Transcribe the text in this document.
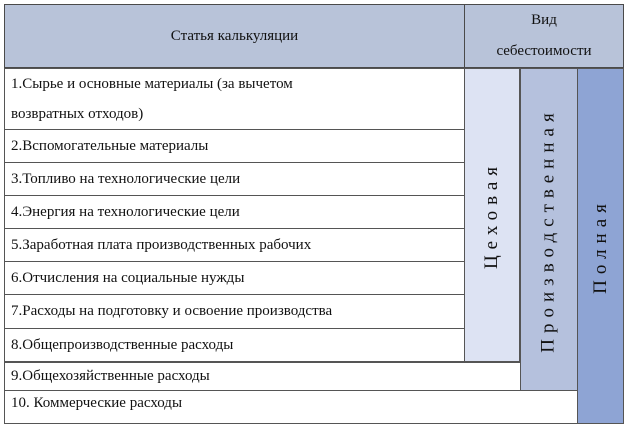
Статья калькуляции
Вид
себестоимости
1.Сырье и основные материалы (за вычетом
возвратных отходов)
2.Вспомогательные материалы
3.Топливо на технологические цели
4.Энергия на технологические цели
5.Заработная плата производственных рабочих
6.Отчисления на социальные нужды
7.Расходы на подготовку и освоение производства
8.Общепроизводственные расходы
9.Общехозяйственные расходы
10. Коммерческие расходы
Цеховая Производственная Полная
